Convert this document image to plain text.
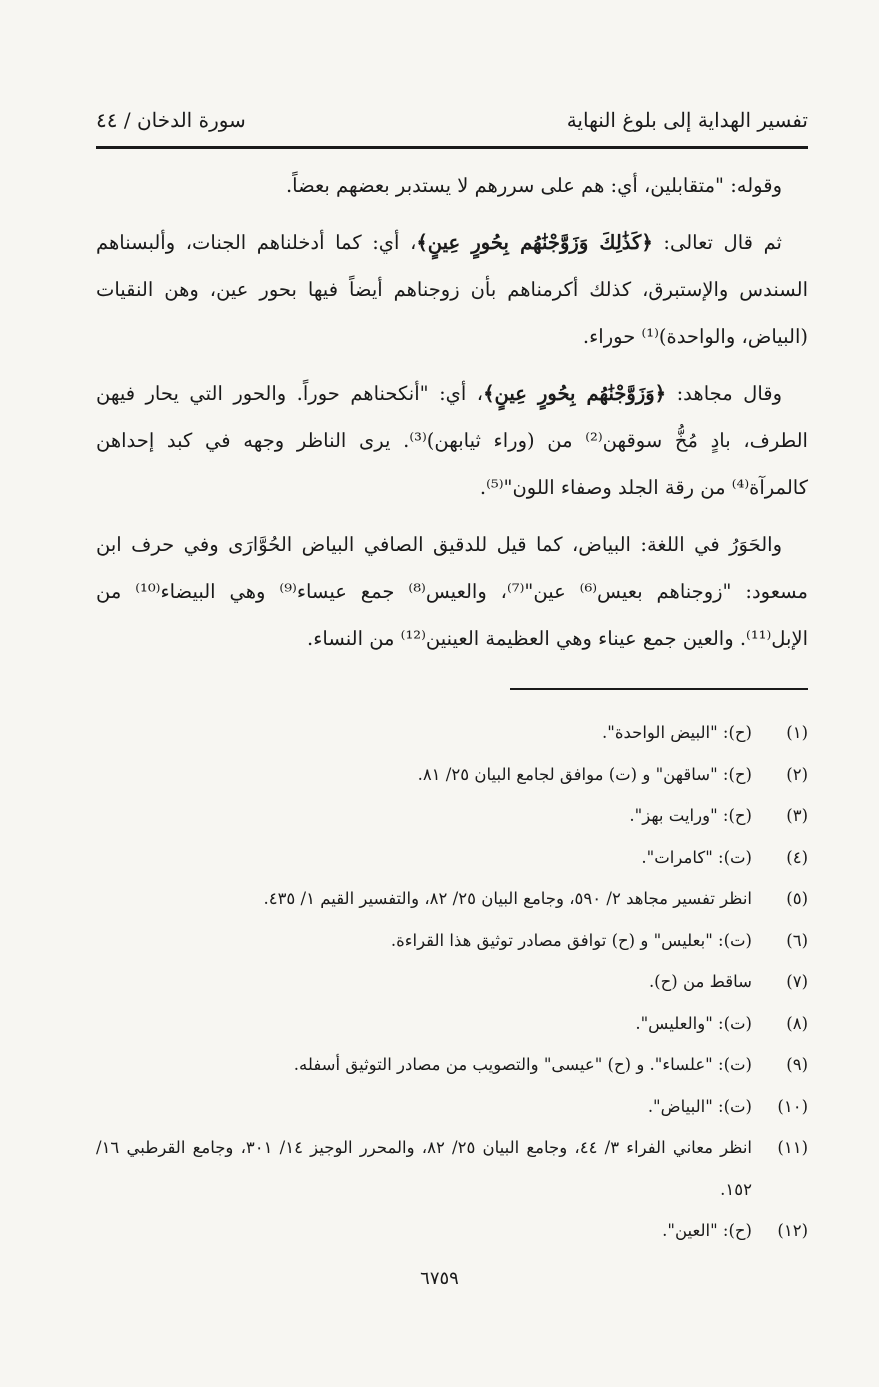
سورة الدخان / ٤٤	تفسير الهداية إلى بلوغ النهاية

وقوله: "متقابلين، أي: هم على سررهم لا يستدبر بعضهم بعضاً.

ثم قال تعالى: ﴿كَذَٰلِكَ وَزَوَّجْنَٰهُم بِحُورٍ عِينٍ﴾، أي: كما أدخلناهم الجنات، وألبسناهم السندس والإستبرق، كذلك أكرمناهم بأن زوجناهم أيضاً فيها بحور عين، وهن النقيات (البياض، والواحدة)⁽¹⁾ حوراء.

وقال مجاهد: ﴿وَزَوَّجْنَٰهُم بِحُورٍ عِينٍ﴾، أي: "أنكحناهم حوراً. والحور التي يحار فيهن الطرف، بادٍ مُخُّ سوقهن⁽²⁾ من (وراء ثيابهن)⁽³⁾. يرى الناظر وجهه في كبد إحداهن كالمرآة⁽⁴⁾ من رقة الجلد وصفاء اللون"⁽⁵⁾.

والحَوَرُ في اللغة: البياض، كما قيل للدقيق الصافي البياض الحُوَّارَى وفي حرف ابن مسعود: "زوجناهم بعيس⁽⁶⁾ عين"⁽⁷⁾، والعيس⁽⁸⁾ جمع عيساء⁽⁹⁾ وهي البيضاء⁽¹⁰⁾ من الإبل⁽¹¹⁾. والعين جمع عيناء وهي العظيمة العينين⁽¹²⁾ من النساء.

(١)
(ح): "البيض الواحدة".
(٢)
(ح): "ساقهن" و (ت) موافق لجامع البيان ٢٥/ ٨١.
(٣)
(ح): "ورايت بهز".
(٤)
(ت): "كامرات".
(٥)
انظر تفسير مجاهد ٢/ ٥٩٠، وجامع البيان ٢٥/ ٨٢، والتفسير القيم ١/ ٤٣٥.
(٦)
(ت): "بعليس" و (ح) توافق مصادر توثيق هذا القراءة.
(٧)
ساقط من (ح).
(٨)
(ت): "والعليس".
(٩)
(ت): "علساء". و (ح) "عيسى" والتصويب من مصادر التوثيق أسفله.
(١٠)
(ت): "البياض".
(١١)
انظر معاني الفراء ٣/ ٤٤، وجامع البيان ٢٥/ ٨٢، والمحرر الوجيز ١٤/ ٣٠١، وجامع القرطبي ١٦/ ١٥٢.
(١٢)
(ح): "العين".
٦٧٥٩
